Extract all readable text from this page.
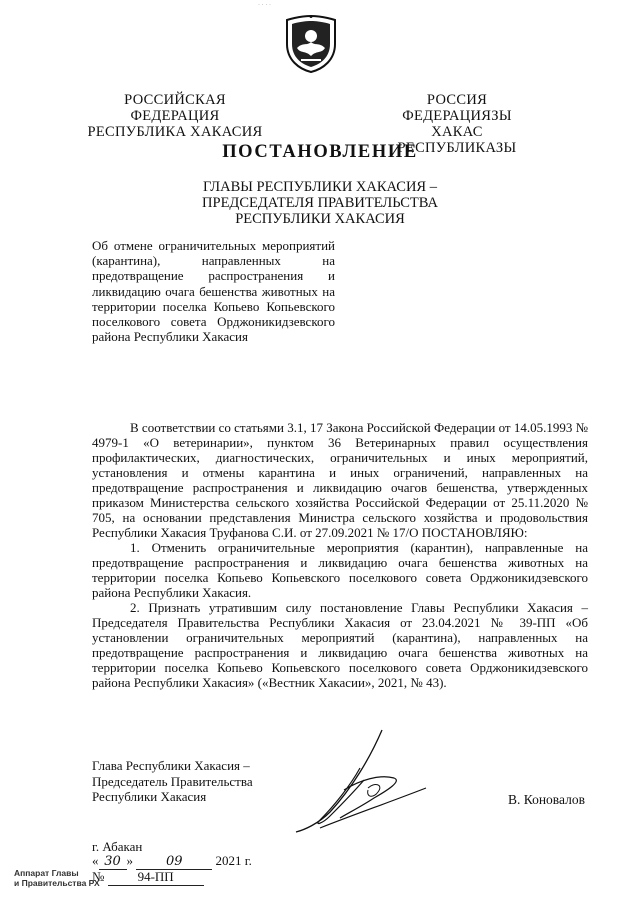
· · · ·
РОССИЙСКАЯ ФЕДЕРАЦИЯ
РЕСПУБЛИКА ХАКАСИЯ
РОССИЯ ФЕДЕРАЦИЯЗЫ
ХАКАС РЕСПУБЛИКАЗЫ
ПОСТАНОВЛЕНИЕ
ГЛАВЫ РЕСПУБЛИКИ ХАКАСИЯ –
ПРЕДСЕДАТЕЛЯ ПРАВИТЕЛЬСТВА
РЕСПУБЛИКИ ХАКАСИЯ

Об отмене ограничительных мероприятий (карантина), направленных на предотвращение распространения и ликвидацию очага бешенства животных на территории поселка Копьево Копьевского поселкового совета Орджоникидзевского района Республики Хакасия

В соответствии со статьями 3.1, 17 Закона Российской Федерации от 14.05.1993 № 4979-1 «О ветеринарии», пунктом 36 Ветеринарных правил осуществления профилактических, диагностических, ограничительных и иных мероприятий, установления и отмены карантина и иных ограничений, направленных на предотвращение распространения и ликвидацию очагов бешенства, утвержденных приказом Министерства сельского хозяйства Российской Федерации от 25.11.2020 № 705, на основании представления Министра сельского хозяйства и продовольствия Республики Хакасия Труфанова С.И. от 27.09.2021 № 17/О ПОСТАНОВЛЯЮ:

1. Отменить ограничительные мероприятия (карантин), направленные на предотвращение распространения и ликвидацию очага бешенства животных на территории поселка Копьево Копьевского поселкового совета Орджоникидзевского района Республики Хакасия.

2. Признать утратившим силу постановление Главы Республики Хакасия – Председателя Правительства Республики Хакасия от 23.04.2021 № 39-ПП «Об установлении ограничительных мероприятий (карантина), направленных на предотвращение распространения и ликвидацию очага бешенства животных на территории поселка Копьево Копьевского поселкового совета Орджоникидзевского района Республики Хакасия» («Вестник Хакасии», 2021, № 43).

Глава Республики Хакасия –
Председатель Правительства
Республики Хакасия	В. Коновалов
г. Абакан
« 30 »	09	2021 г.
№	94-ПП
Аппарат Главы
и Правительства РХ
